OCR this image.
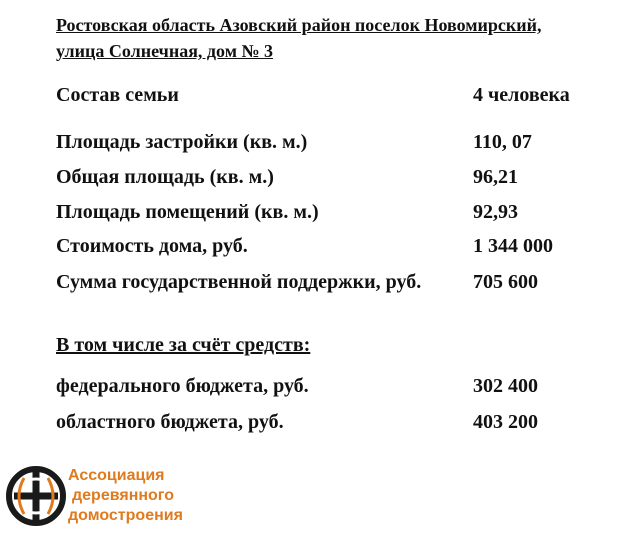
Ростовская область Азовский район поселок Новомирский,
улица Солнечная, дом № 3
Состав семьи	4 человека
Площадь застройки (кв. м.)	110, 07
Общая площадь (кв. м.)	96,21
Площадь помещений (кв. м.)	92,93
Стоимость дома, руб.	1 344 000
Сумма государственной поддержки, руб.	705 600
В том числе за счёт средств:
федерального бюджета, руб.	302 400
областного бюджета, руб.	403 200
Ассоциация
деревянного
домостроения
